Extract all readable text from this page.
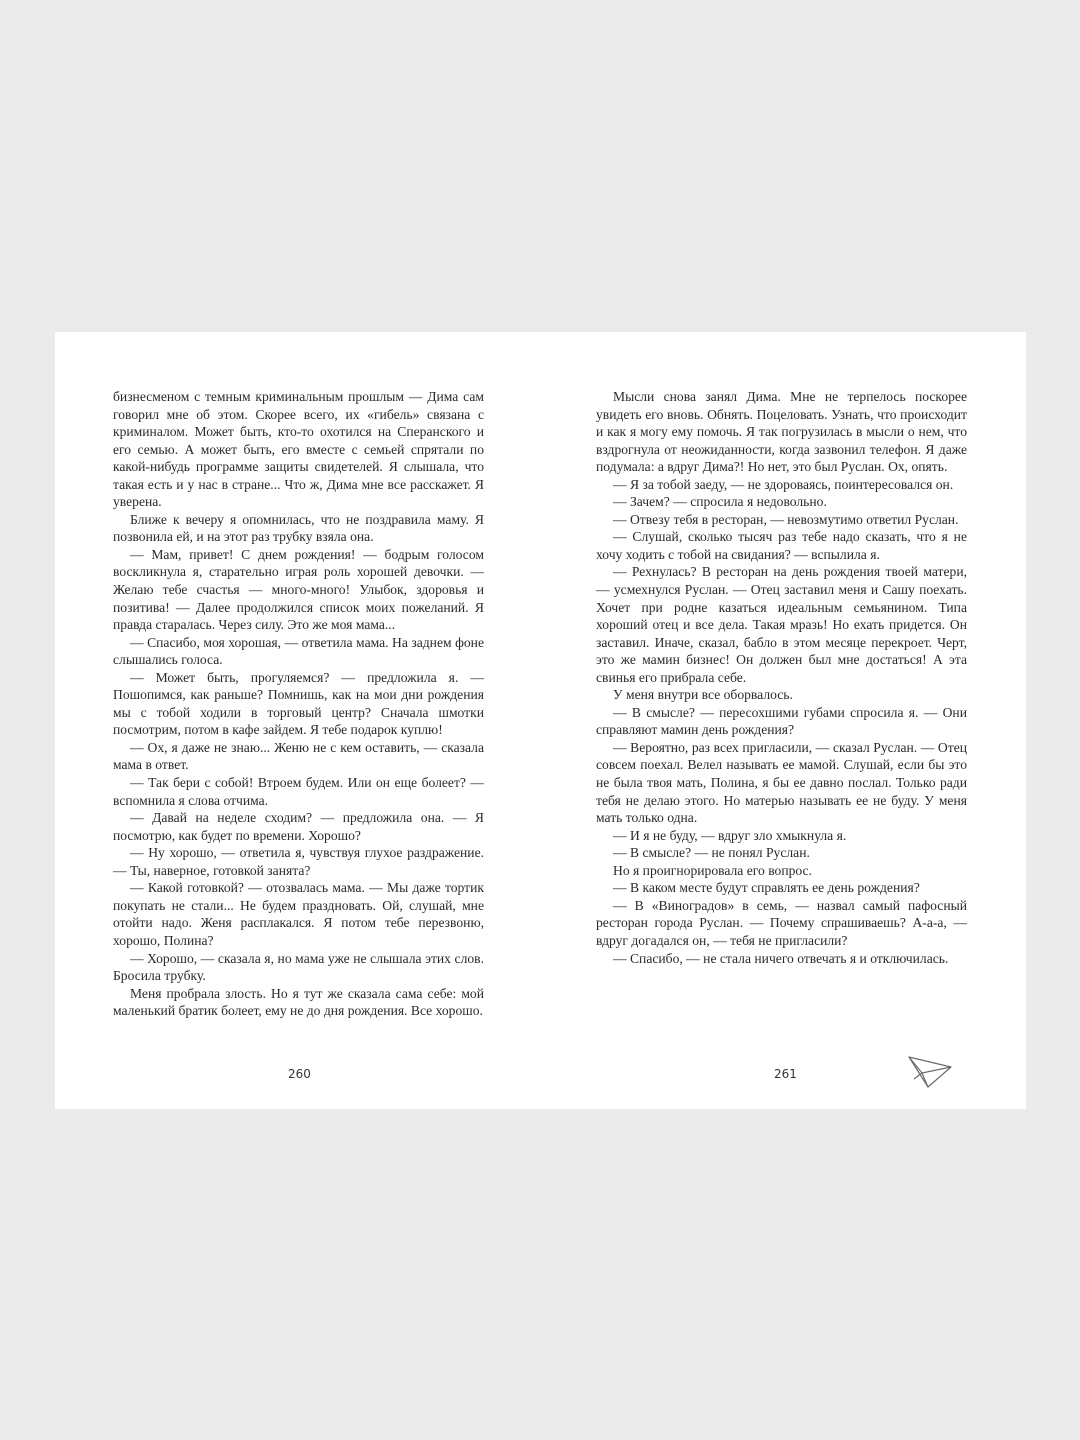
бизнесменом с темным криминальным прошлым — Дима сам говорил мне об этом. Скорее всего, их «гибель» связана с криминалом. Может быть, кто-то охотился на Сперанского и его семью. А может быть, его вместе с семьей спрятали по какой-нибудь программе защиты свидетелей. Я слышала, что такая есть и у нас в стране... Что ж, Дима мне все расскажет. Я уверена.

Ближе к вечеру я опомнилась, что не поздравила маму. Я позвонила ей, и на этот раз трубку взяла она.

— Мам, привет! С днем рождения! — бодрым голосом воскликнула я, старательно играя роль хорошей девочки. — Желаю тебе счастья — много-много! Улыбок, здоровья и позитива! — Далее продолжился список моих пожеланий. Я правда старалась. Через силу. Это же моя мама...

— Спасибо, моя хорошая, — ответила мама. На заднем фоне слышались голоса.

— Может быть, прогуляемся? — предложила я. — Пошопимся, как раньше? Помнишь, как на мои дни рождения мы с тобой ходили в торговый центр? Сначала шмотки посмотрим, потом в кафе зайдем. Я тебе подарок куплю!

— Ох, я даже не знаю... Женю не с кем оставить, — сказала мама в ответ.

— Так бери с собой! Втроем будем. Или он еще болеет? — вспомнила я слова отчима.

— Давай на неделе сходим? — предложила она. — Я посмотрю, как будет по времени. Хорошо?

— Ну хорошо, — ответила я, чувствуя глухое раздражение. — Ты, наверное, готовкой занята?

— Какой готовкой? — отозвалась мама. — Мы даже тортик покупать не стали... Не будем праздновать. Ой, слушай, мне отойти надо. Женя расплакался. Я потом тебе перезвоню, хорошо, Полина?

— Хорошо, — сказала я, но мама уже не слышала этих слов. Бросила трубку.

Меня пробрала злость. Но я тут же сказала сама себе: мой маленький братик болеет, ему не до дня рождения. Все хорошо.

Мысли снова занял Дима. Мне не терпелось поскорее увидеть его вновь. Обнять. Поцеловать. Узнать, что происходит и как я могу ему помочь. Я так погрузилась в мысли о нем, что вздрогнула от неожиданности, когда зазвонил телефон. Я даже подумала: а вдруг Дима?! Но нет, это был Руслан. Ох, опять.

— Я за тобой заеду, — не здороваясь, поинтересовался он.

— Зачем? — спросила я недовольно.

— Отвезу тебя в ресторан, — невозмутимо ответил Руслан.

— Слушай, сколько тысяч раз тебе надо сказать, что я не хочу ходить с тобой на свидания? — вспылила я.

— Рехнулась? В ресторан на день рождения твоей матери, — усмехнулся Руслан. — Отец заставил меня и Сашу поехать. Хочет при родне казаться идеальным семьянином. Типа хороший отец и все дела. Такая мразь! Но ехать придется. Он заставил. Иначе, сказал, бабло в этом месяце перекроет. Черт, это же мамин бизнес! Он должен был мне достаться! А эта свинья его прибрала себе.

У меня внутри все оборвалось.

— В смысле? — пересохшими губами спросила я. — Они справляют мамин день рождения?

— Вероятно, раз всех пригласили, — сказал Руслан. — Отец совсем поехал. Велел называть ее мамой. Слушай, если бы это не была твоя мать, Полина, я бы ее давно послал. Только ради тебя не делаю этого. Но матерью называть ее не буду. У меня мать только одна.

— И я не буду, — вдруг зло хмыкнула я.

— В смысле? — не понял Руслан.

Но я проигнорировала его вопрос.

— В каком месте будут справлять ее день рождения?

— В «Виноградов» в семь, — назвал самый пафосный ресторан города Руслан. — Почему спрашиваешь? А-а-а, — вдруг догадался он, — тебя не пригласили?

— Спасибо, — не стала ничего отвечать я и отключилась.

260	261
